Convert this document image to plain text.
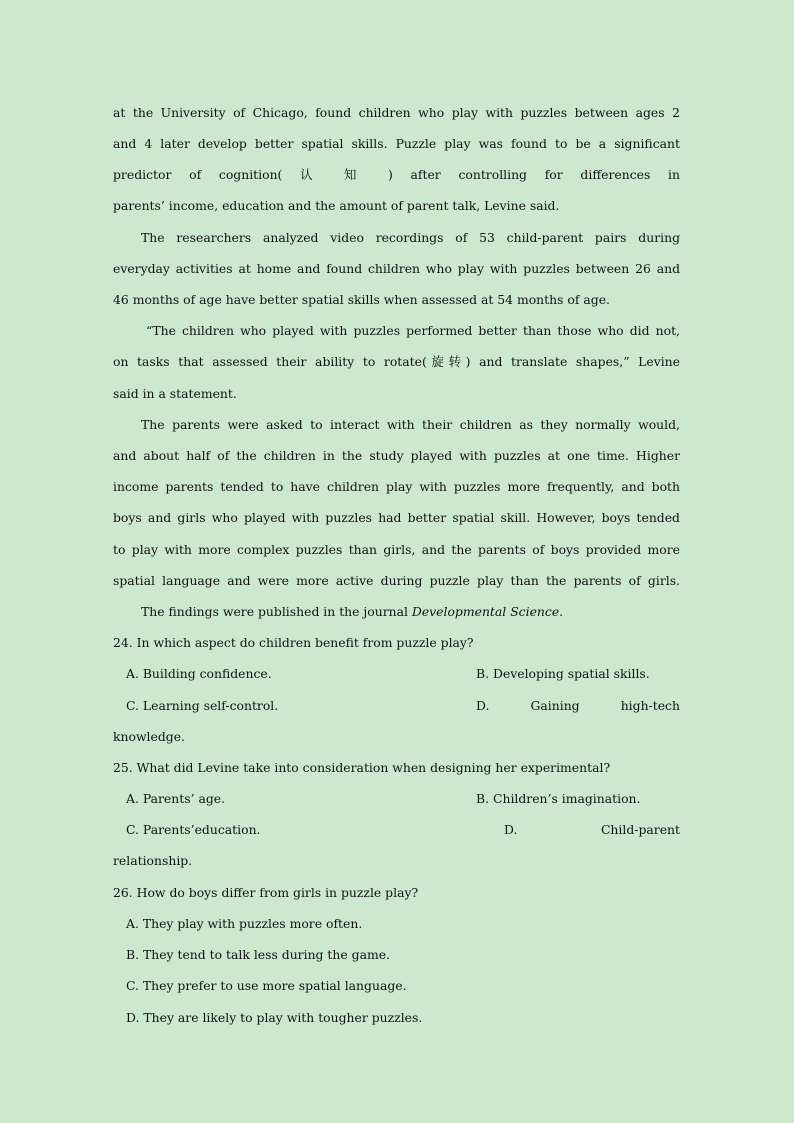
at the University of Chicago, found children who play with puzzles between ages 2
and 4 later develop better spatial skills. Puzzle play was found to be a significant
predictor of cognition( 认 知 ) after controlling for differences in
parents’ income, education and the amount of parent talk, Levine said.
The researchers analyzed video recordings of 53 child-parent pairs during
everyday activities at home and found children who play with puzzles between 26 and
46 months of age have better spatial skills when assessed at 54 months of age.
“The children who played with puzzles performed better than those who did not,
on tasks that assessed their ability to rotate(旋转) and translate shapes,” Levine
said in a statement.
The parents were asked to interact with their children as they normally would,
and about half of the children in the study played with puzzles at one time. Higher
income parents tended to have children play with puzzles more frequently, and both
boys and girls who played with puzzles had better spatial skill. However, boys tended
to play with more complex puzzles than girls, and the parents of boys provided more
spatial language and were more active during puzzle play than the parents of girls.
The findings were published in the journal Developmental Science.
24. In which aspect do children benefit from puzzle play?
A. Building confidence.	B. Developing spatial skills.
C. Learning self-control.	D.	Gaining	high-tech
knowledge.
25. What did Levine take into consideration when designing her experimental?
A. Parents’ age.	B. Children’s imagination.
C. Parents’education.	D.	Child-parent
relationship.
26. How do boys differ from girls in puzzle play?
A. They play with puzzles more often.
B. They tend to talk less during the game.
C. They prefer to use more spatial language.
D. They are likely to play with tougher puzzles.
